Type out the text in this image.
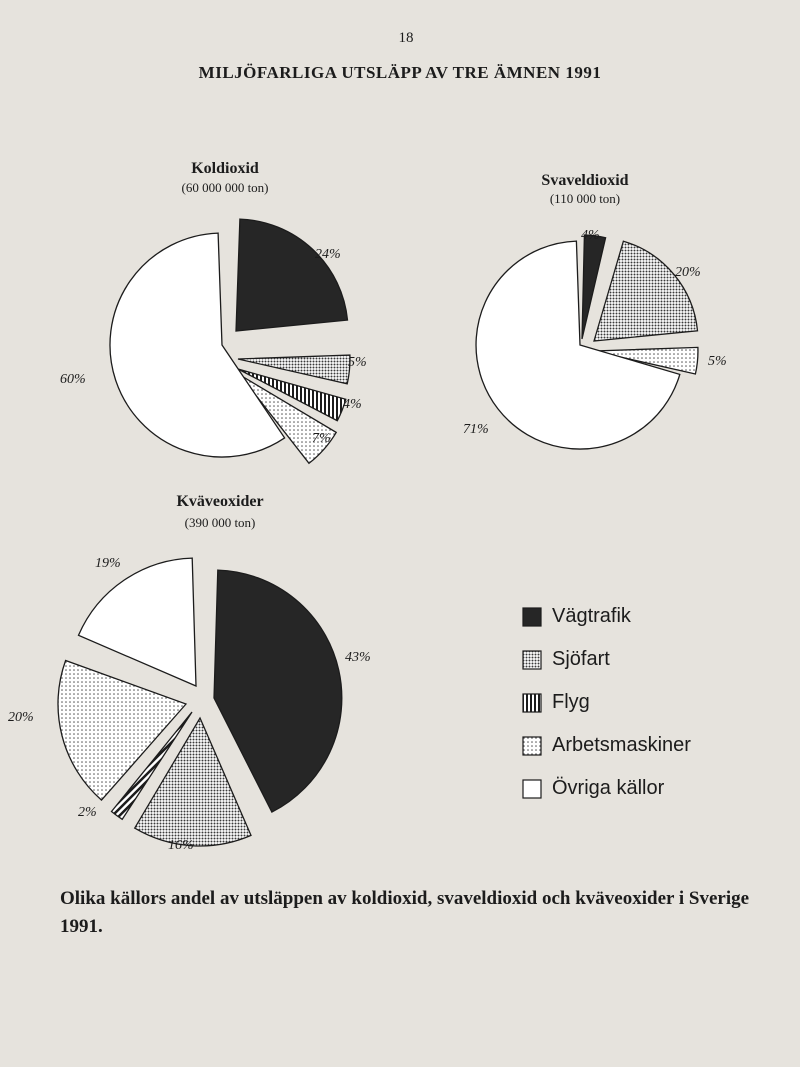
18
MILJÖFARLIGA UTSLÄPP AV TRE ÄMNEN 1991
Koldioxid
(60 000 000 ton)
24%
5%
4%
7%
60%
Svaveldioxid
(110 000 ton)
4%
20%
5%
71%
Kväveoxider
(390 000 ton)
43%
16%
2%
20%
19%
Vägtrafik
Sjöfart
Flyg
Arbetsmaskiner
Övriga källor
Olika källors andel av utsläppen av koldioxid, svaveldioxid och kväveoxider i Sverige 1991.
